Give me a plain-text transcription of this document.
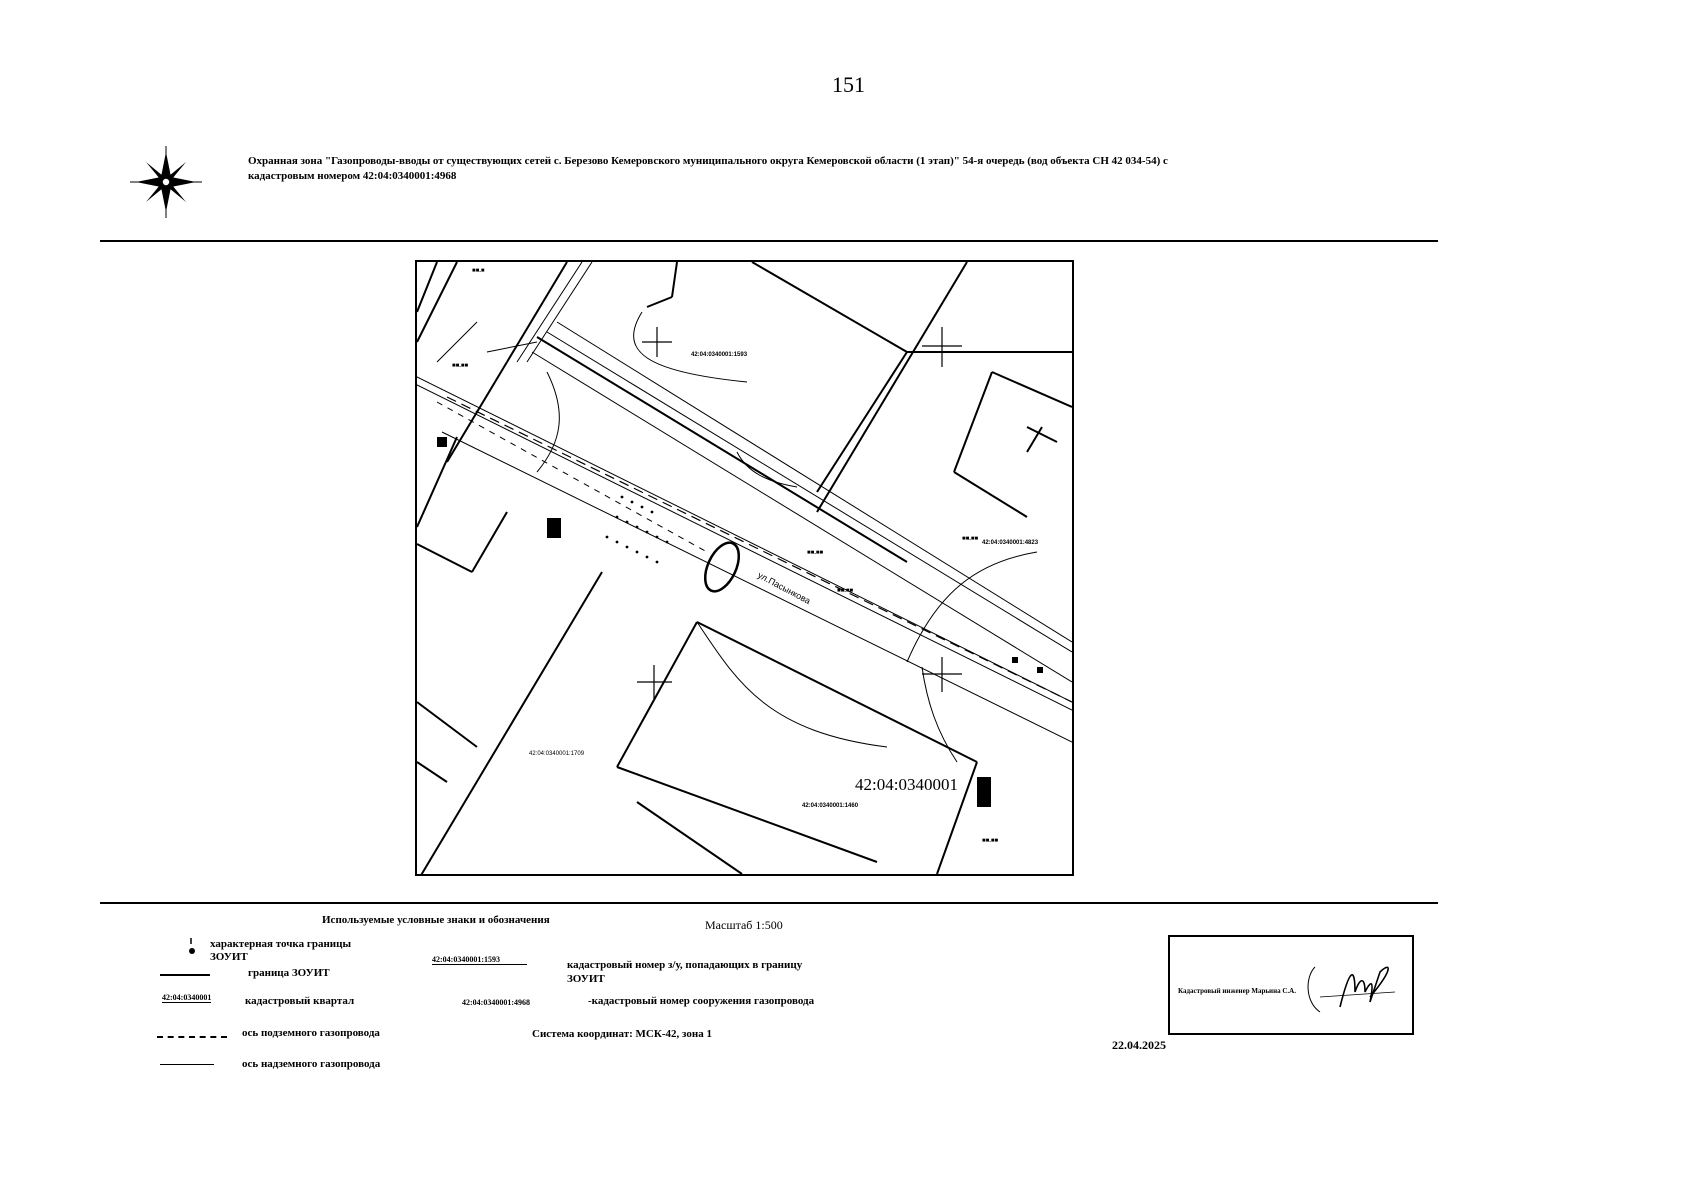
151
Охранная зона "Газопроводы-вводы от существующих сетей с. Березово Кемеровского муниципального округа Кемеровской области (1 этап)" 54-я очередь (вод объекта СН 42 034-54) с
кадастровым номером 42:04:0340001:4968
■■.■
■■.■■
■■.■■
■■.■■
■■.■■
■■.■■
42:04:0340001:1593
42:04:0340001:4823
42:04:0340001:1709
42:04:0340001:1460
ул.Пасынкова
42:04:0340001
Используемые условные знаки и обозначения	Масштаб 1:500
характерная точка границы ЗОУИТ
граница ЗОУИТ
42:04:0340001	кадастровый квартал
ось подземного газопровода
ось надземного газопровода
42:04:0340001:1593	кадастровый номер з/у, попадающих в границу ЗОУИТ
42:04:0340001:4968	-кадастровый номер сооружения газопровода
Система координат: МСК-42, зона 1
Кадастровый инженер Марьина С.А.
22.04.2025
